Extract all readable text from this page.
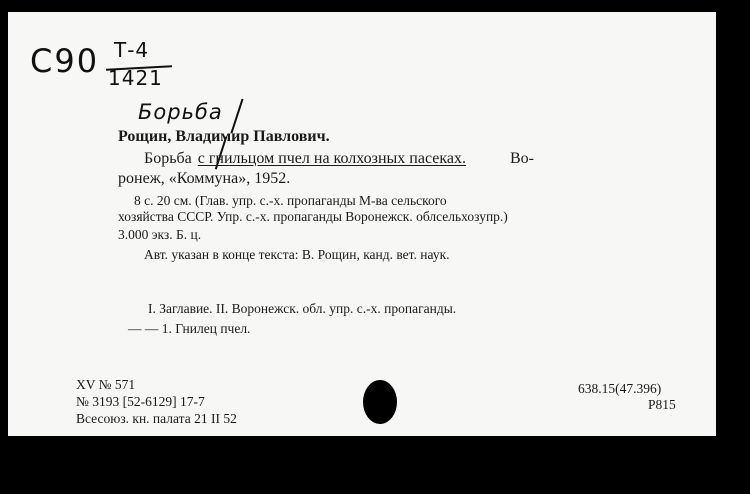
С90 Т-4
1421
Борьба
Рощин, Владимир Павлович.
Борьба с гнильцом пчел на колхозных пасеках.	Во-
ронеж, «Коммуна», 1952.
8 с. 20 см. (Глав. упр. с.-х. пропаганды М-ва сельского
хозяйства СССР. Упр. с.-х. пропаганды Воронежск. облсельхозупр.)
3.000 экз. Б. ц.
Авт. указан в конце текста: В. Рощин, канд. вет. наук.
I. Заглавие. II. Воронежск. обл. упр. с.-х. пропаганды.
— — 1. Гнилец пчел.
XV № 571
№ 3193 [52-6129] 17-7
Всесоюз. кн. палата 21 II 52
638.15(47.396)
Р815
